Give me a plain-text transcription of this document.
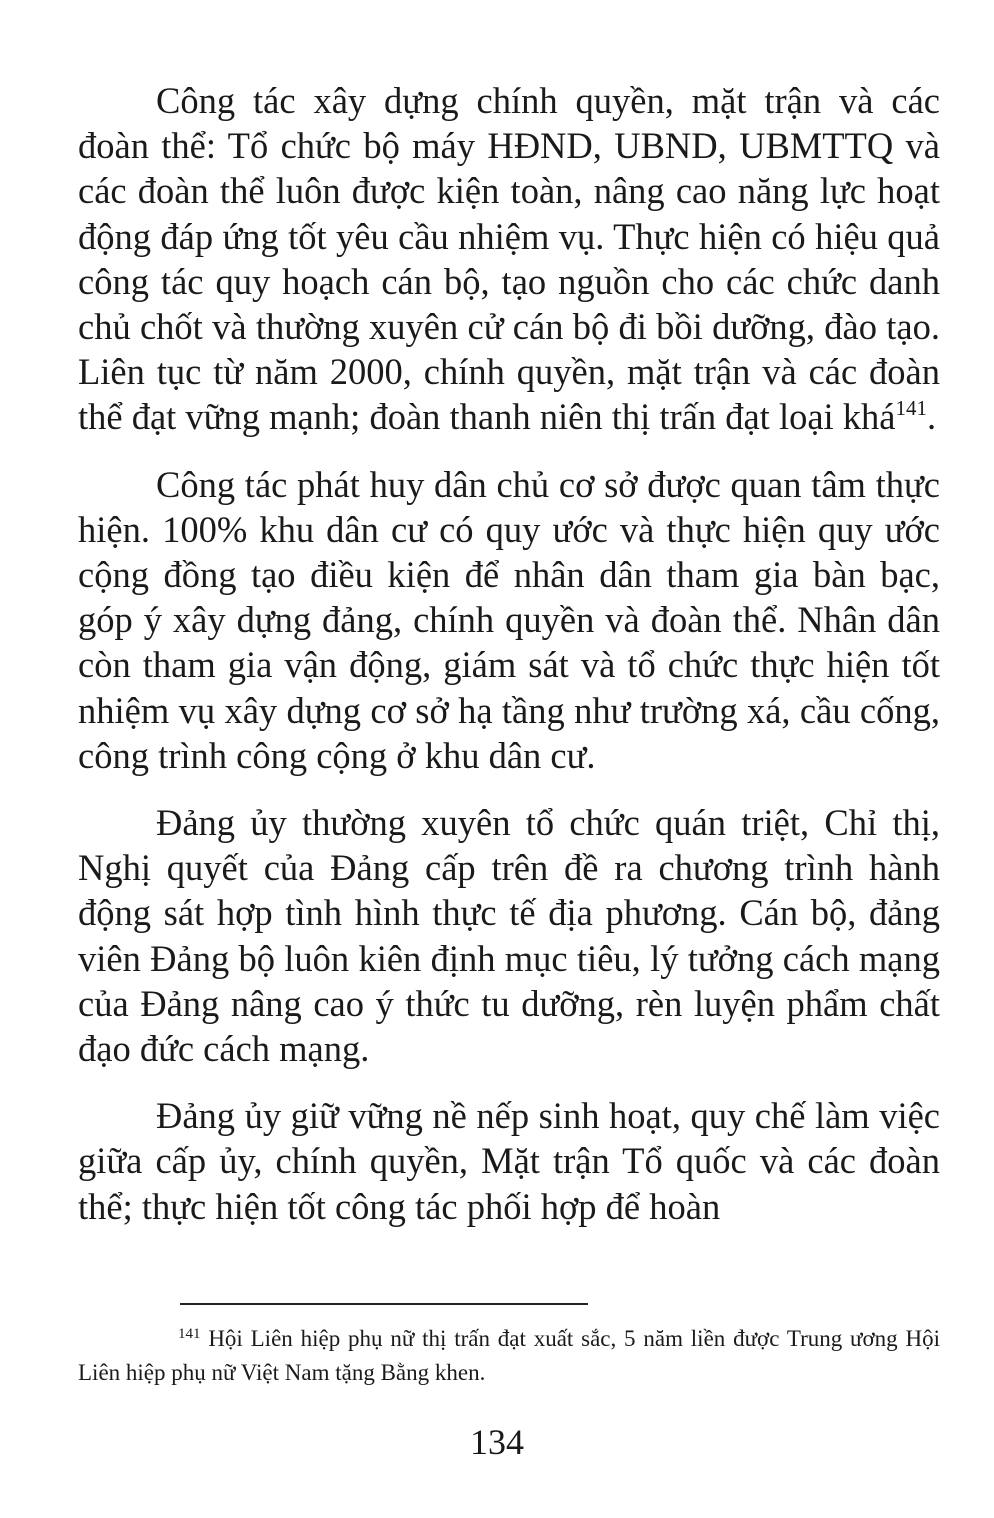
Công tác xây dựng chính quyền, mặt trận và các đoàn thể: Tổ chức bộ máy HĐND, UBND, UBMTTQ và các đoàn thể luôn được kiện toàn, nâng cao năng lực hoạt động đáp ứng tốt yêu cầu nhiệm vụ. Thực hiện có hiệu quả công tác quy hoạch cán bộ, tạo nguồn cho các chức danh chủ chốt và thường xuyên cử cán bộ đi bồi dưỡng, đào tạo. Liên tục từ năm 2000, chính quyền, mặt trận và các đoàn thể đạt vững mạnh; đoàn thanh niên thị trấn đạt loại khá$^{141}$.

Công tác phát huy dân chủ cơ sở được quan tâm thực hiện. 100% khu dân cư có quy ước và thực hiện quy ước cộng đồng tạo điều kiện để nhân dân tham gia bàn bạc, góp ý xây dựng đảng, chính quyền và đoàn thể. Nhân dân còn tham gia vận động, giám sát và tổ chức thực hiện tốt nhiệm vụ xây dựng cơ sở hạ tầng như trường xá, cầu cống, công trình công cộng ở khu dân cư.

Đảng ủy thường xuyên tổ chức quán triệt, Chỉ thị, Nghị quyết của Đảng cấp trên đề ra chương trình hành động sát hợp tình hình thực tế địa phương. Cán bộ, đảng viên Đảng bộ luôn kiên định mục tiêu, lý tưởng cách mạng của Đảng nâng cao ý thức tu dưỡng, rèn luyện phẩm chất đạo đức cách mạng.

Đảng ủy giữ vững nề nếp sinh hoạt, quy chế làm việc giữa cấp ủy, chính quyền, Mặt trận Tổ quốc và các đoàn thể; thực hiện tốt công tác phối hợp để hoàn

$^{141}$ Hội Liên hiệp phụ nữ thị trấn đạt xuất sắc, 5 năm liền được Trung ương Hội Liên hiệp phụ nữ Việt Nam tặng Bằng khen.
134
